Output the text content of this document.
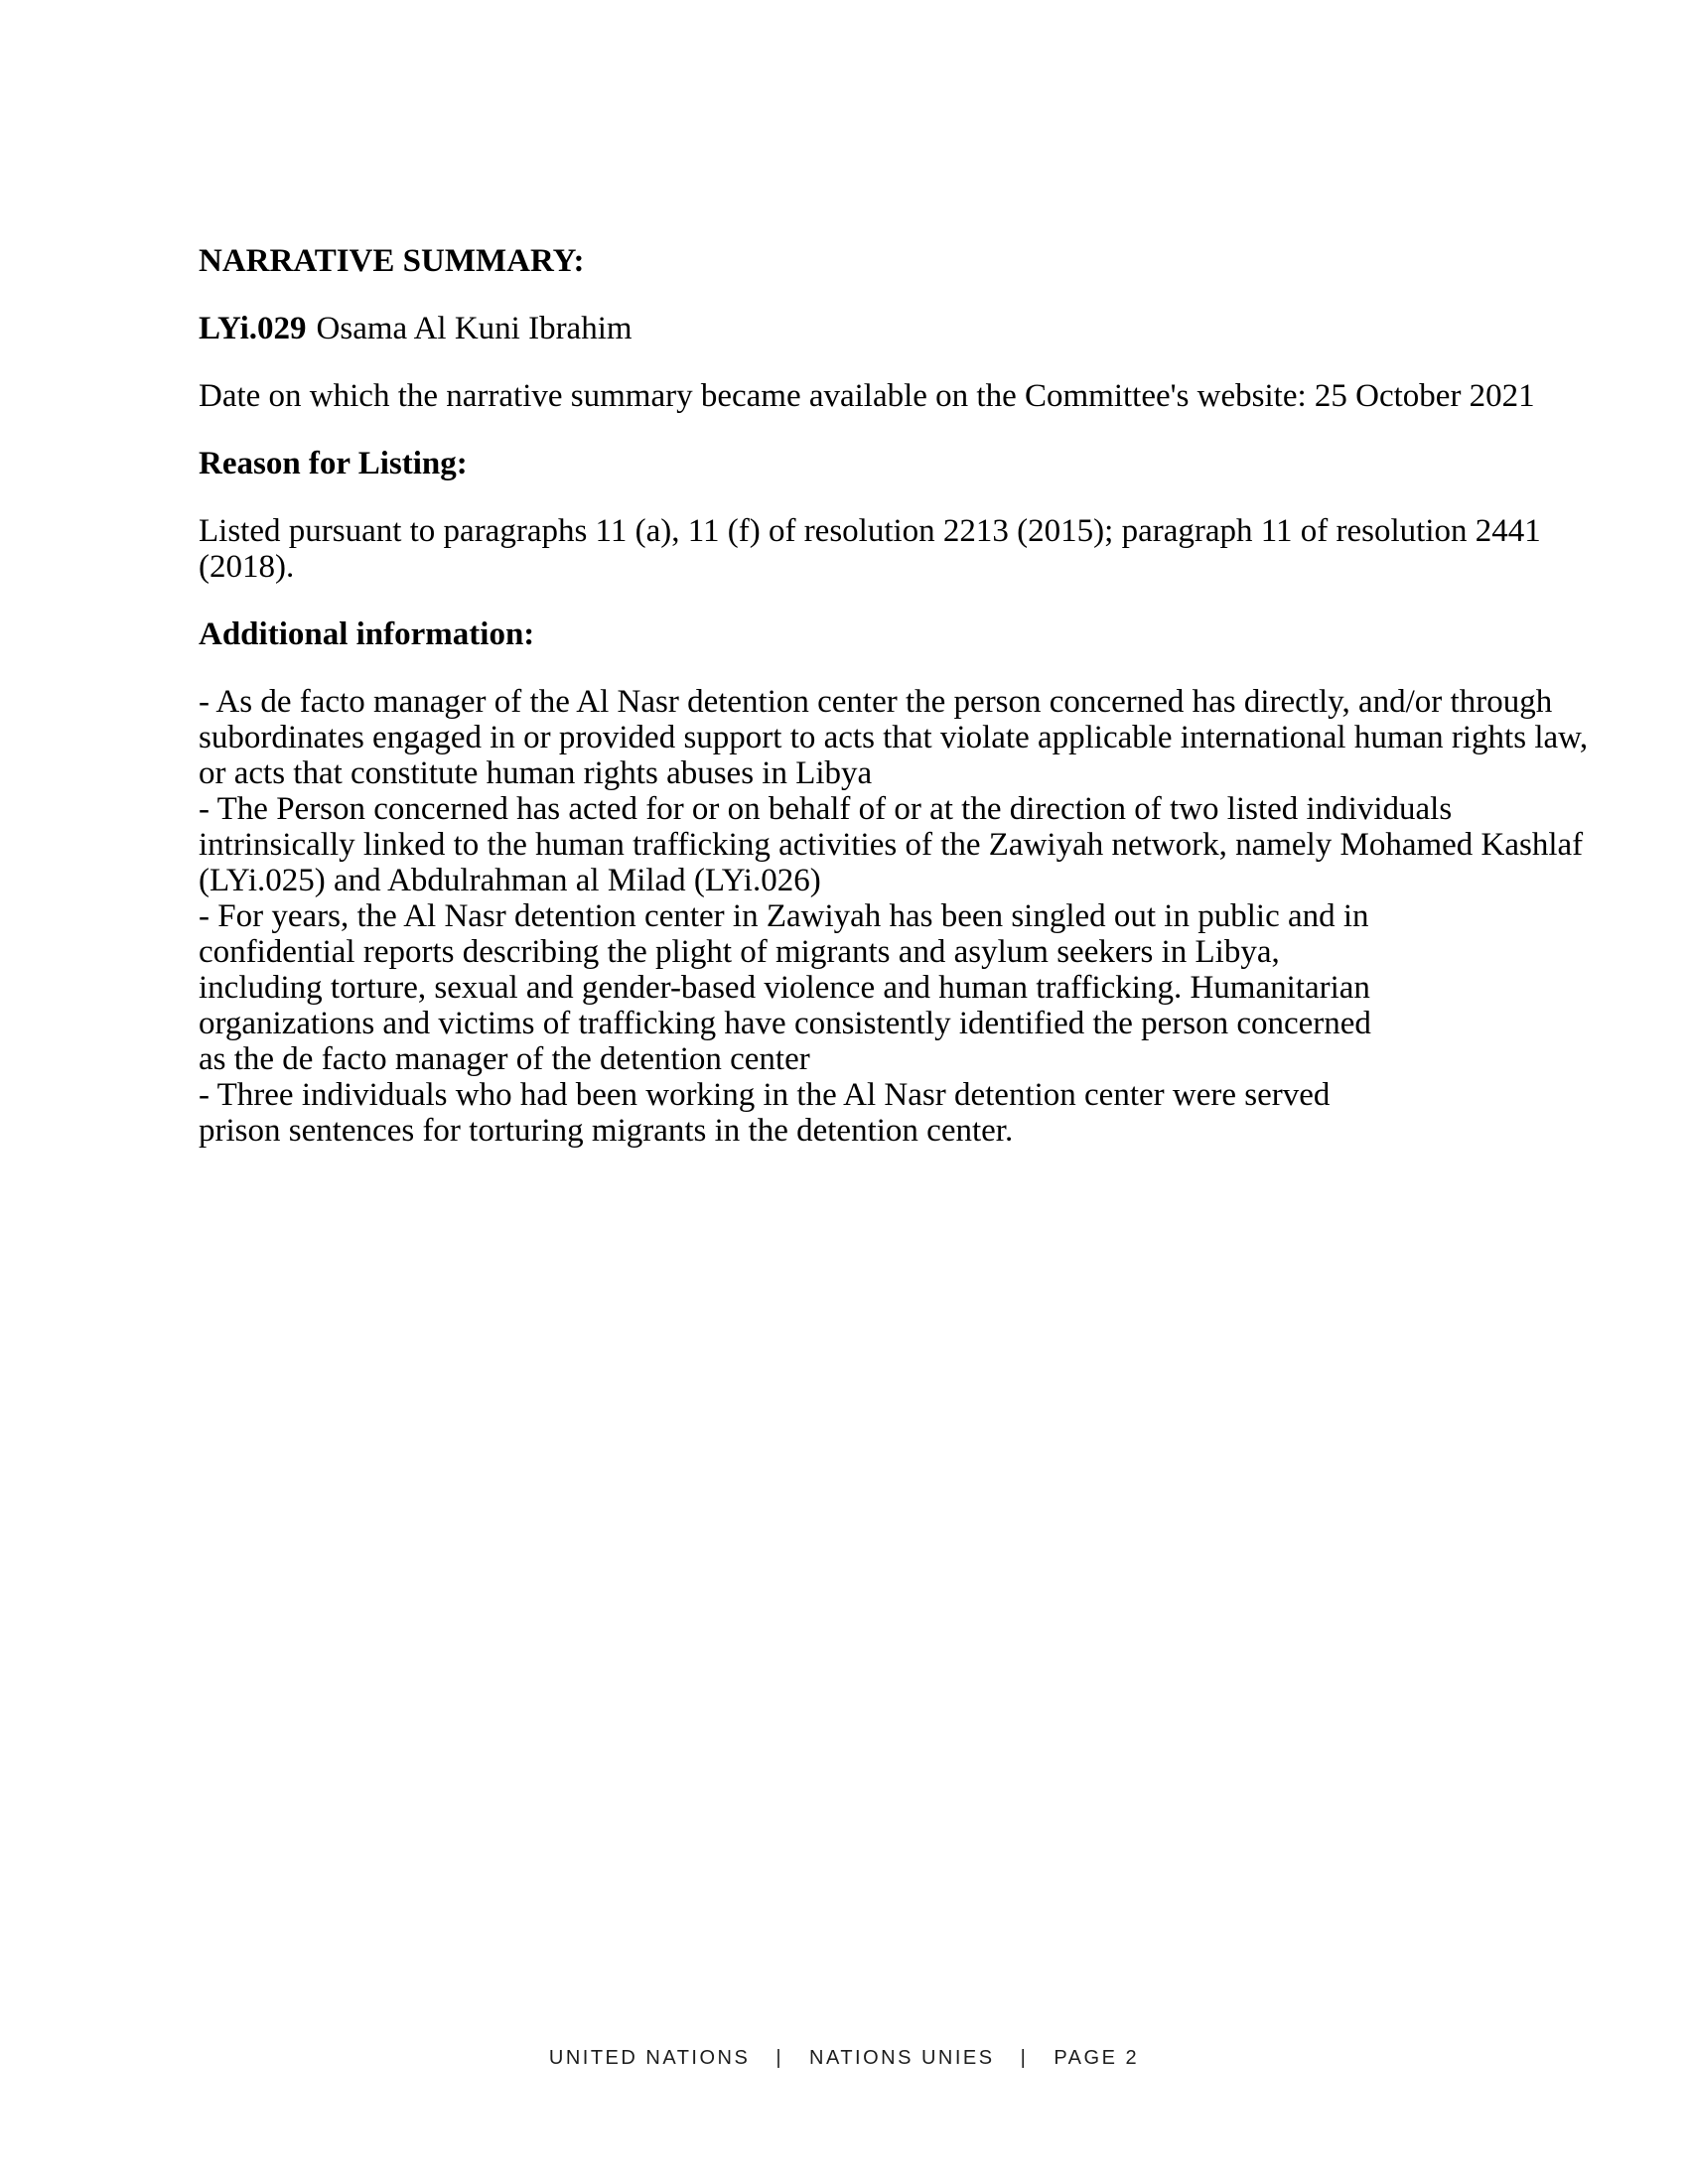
NARRATIVE SUMMARY:

LYi.029 Osama Al Kuni Ibrahim

Date on which the narrative summary became available on the Committee's website: 25 October 2021

Reason for Listing:

Listed pursuant to paragraphs 11 (a), 11 (f) of resolution 2213 (2015); paragraph 11 of resolution 2441
(2018).

Additional information:

- As de facto manager of the Al Nasr detention center the person concerned has directly, and/or through
subordinates engaged in or provided support to acts that violate applicable international human rights law,
or acts that constitute human rights abuses in Libya
- The Person concerned has acted for or on behalf of or at the direction of two listed individuals
intrinsically linked to the human trafficking activities of the Zawiyah network, namely Mohamed Kashlaf
(LYi.025) and Abdulrahman al Milad (LYi.026)
- For years, the Al Nasr detention center in Zawiyah has been singled out in public and in
confidential reports describing the plight of migrants and asylum seekers in Libya,
including torture, sexual and gender-based violence and human trafficking. Humanitarian
organizations and victims of trafficking have consistently identified the person concerned
as the de facto manager of the detention center
- Three individuals who had been working in the Al Nasr detention center were served
prison sentences for torturing migrants in the detention center.
UNITED NATIONS | NATIONS UNIES | PAGE 2
